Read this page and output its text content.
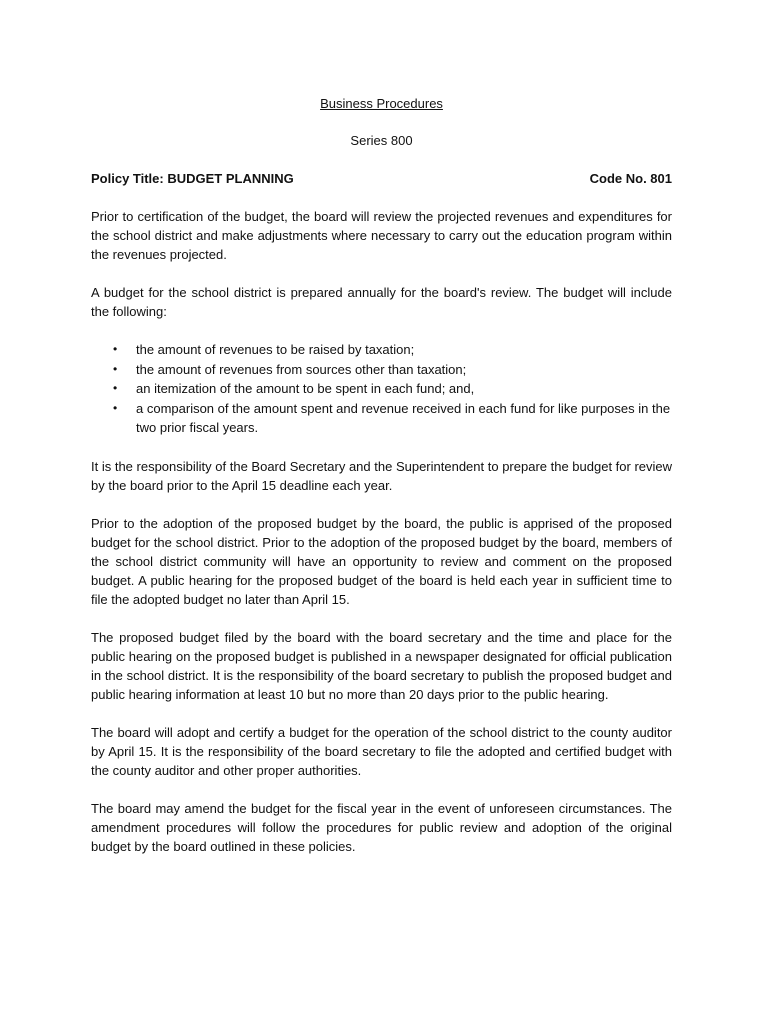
Business Procedures
Series 800
Policy Title: BUDGET PLANNING	Code No. 801

Prior to certification of the budget, the board will review the projected revenues and expenditures for the school district and make adjustments where necessary to carry out the education program within the revenues projected.

A budget for the school district is prepared annually for the board's review. The budget will include the following:

• the amount of revenues to be raised by taxation;
• the amount of revenues from sources other than taxation;
• an itemization of the amount to be spent in each fund; and,
• a comparison of the amount spent and revenue received in each fund for like purposes in the two prior fiscal years.

It is the responsibility of the Board Secretary and the Superintendent to prepare the budget for review by the board prior to the April 15 deadline each year.

Prior to the adoption of the proposed budget by the board, the public is apprised of the proposed budget for the school district. Prior to the adoption of the proposed budget by the board, members of the school district community will have an opportunity to review and comment on the proposed budget. A public hearing for the proposed budget of the board is held each year in sufficient time to file the adopted budget no later than April 15.

The proposed budget filed by the board with the board secretary and the time and place for the public hearing on the proposed budget is published in a newspaper designated for official publication in the school district. It is the responsibility of the board secretary to publish the proposed budget and public hearing information at least 10 but no more than 20 days prior to the public hearing.

The board will adopt and certify a budget for the operation of the school district to the county auditor by April 15. It is the responsibility of the board secretary to file the adopted and certified budget with the county auditor and other proper authorities.

The board may amend the budget for the fiscal year in the event of unforeseen circumstances. The amendment procedures will follow the procedures for public review and adoption of the original budget by the board outlined in these policies.
